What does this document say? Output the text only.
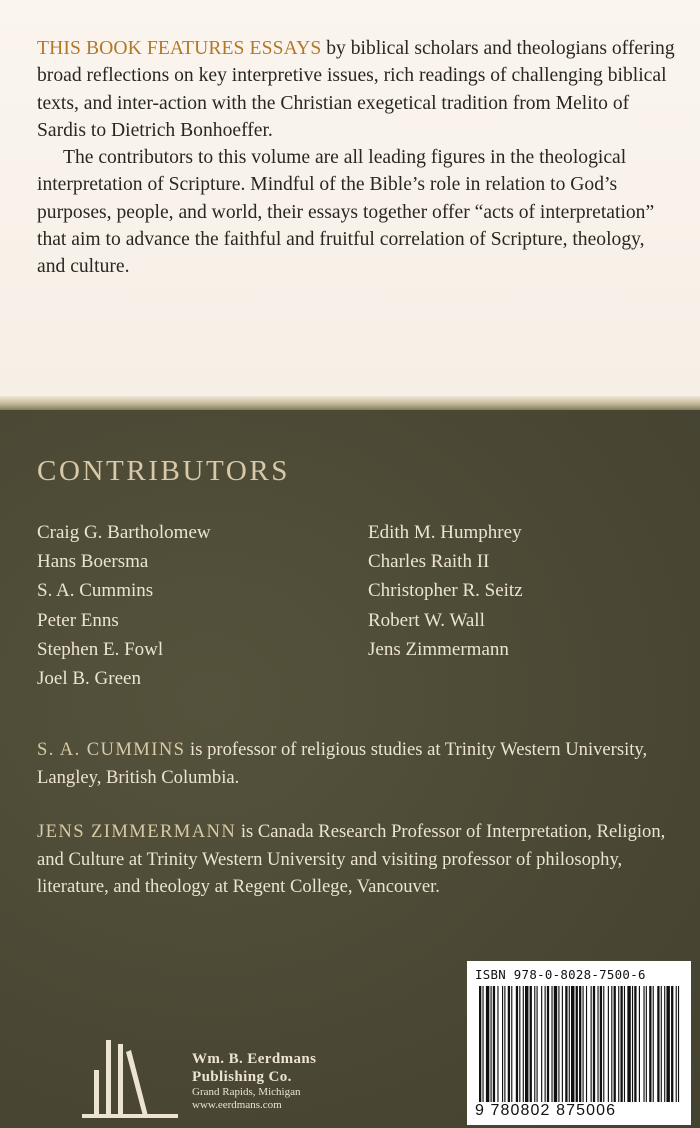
THIS BOOK FEATURES ESSAYS by biblical scholars and theologians offering broad reflections on key interpretive issues, rich readings of challenging biblical texts, and inter-action with the Christian exegetical tradition from Melito of Sardis to Dietrich Bonhoeffer.

The contributors to this volume are all leading figures in the theological interpretation of Scripture. Mindful of the Bible’s role in relation to God’s purposes, people, and world, their essays together offer “acts of interpretation” that aim to advance the faithful and fruitful correlation of Scripture, theology, and culture.

CONTRIBUTORS
Craig G. Bartholomew
Hans Boersma
S. A. Cummins
Peter Enns
Stephen E. Fowl
Joel B. Green
Edith M. Humphrey
Charles Raith II
Christopher R. Seitz
Robert W. Wall
Jens Zimmermann
S. A. CUMMINS is professor of religious studies at Trinity Western University, Langley, British Columbia.
JENS ZIMMERMANN is Canada Research Professor of Interpretation, Religion, and Culture at Trinity Western University and visiting professor of philosophy, literature, and theology at Regent College, Vancouver.
ISBN 978-0-8028-7500-6
9 780802 875006
Wm. B. Eerdmans
Publishing Co.
Grand Rapids, Michigan
www.eerdmans.com
